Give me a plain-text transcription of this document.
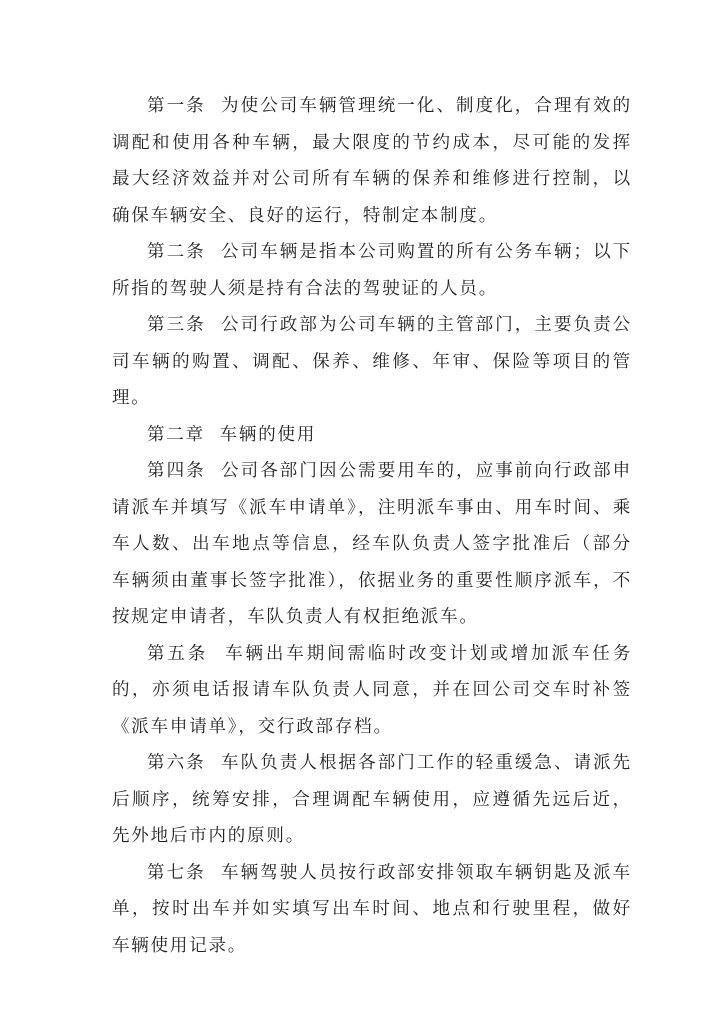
第一条  为使公司车辆管理统一化、制度化，合理有效的调配和使用各种车辆，最大限度的节约成本，尽可能的发挥最大经济效益并对公司所有车辆的保养和维修进行控制，以确保车辆安全、良好的运行，特制定本制度。

第二条  公司车辆是指本公司购置的所有公务车辆；以下所指的驾驶人须是持有合法的驾驶证的人员。

第三条  公司行政部为公司车辆的主管部门，主要负责公司车辆的购置、调配、保养、维修、年审、保险等项目的管理。

第二章  车辆的使用

第四条  公司各部门因公需要用车的，应事前向行政部申请派车并填写《派车申请单》，注明派车事由、用车时间、乘车人数、出车地点等信息，经车队负责人签字批准后（部分车辆须由董事长签字批准），依据业务的重要性顺序派车，不按规定申请者，车队负责人有权拒绝派车。

第五条  车辆出车期间需临时改变计划或增加派车任务的，亦须电话报请车队负责人同意，并在回公司交车时补签《派车申请单》，交行政部存档。

第六条  车队负责人根据各部门工作的轻重缓急、请派先后顺序，统筹安排，合理调配车辆使用，应遵循先远后近，先外地后市内的原则。

第七条  车辆驾驶人员按行政部安排领取车辆钥匙及派车单，按时出车并如实填写出车时间、地点和行驶里程，做好车辆使用记录。
